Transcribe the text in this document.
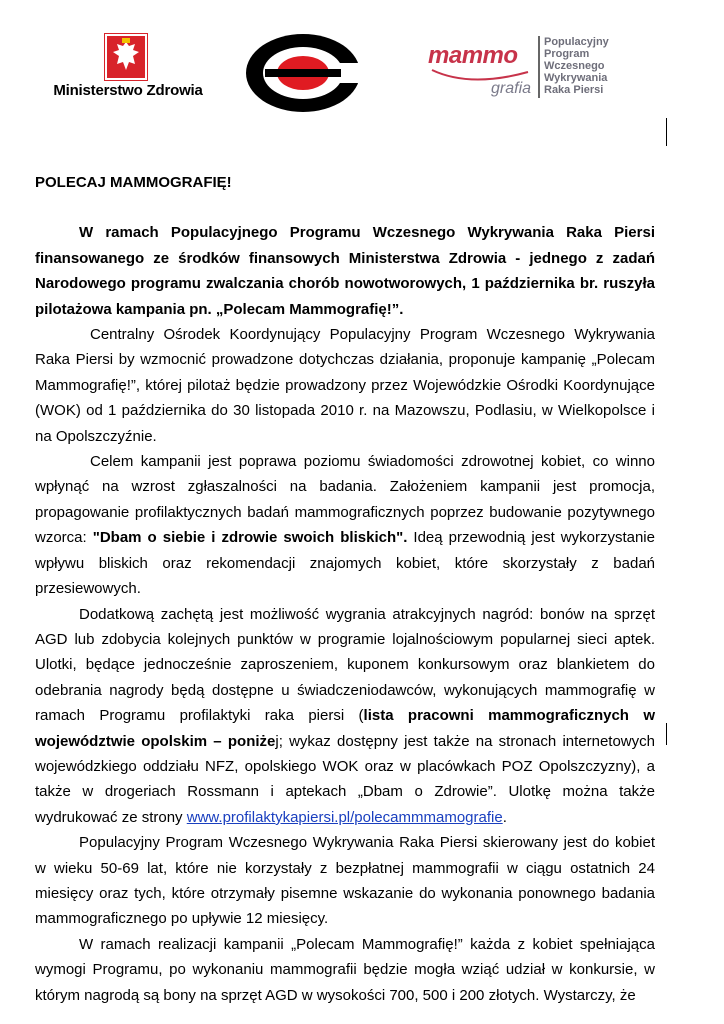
Ministerstwo Zdrowia
mammo
grafia
Populacyjny
Program
Wczesnego
Wykrywania
Raka Piersi

POLECAJ MAMMOGRAFIĘ!

W ramach Populacyjnego Programu Wczesnego Wykrywania Raka Piersi finansowanego ze środków finansowych Ministerstwa Zdrowia - jednego z zadań Narodowego programu zwalczania chorób nowotworowych, 1 października br. ruszyła pilotażowa kampania pn. „Polecam Mammografię!”.

Centralny Ośrodek Koordynujący Populacyjny Program Wczesnego Wykrywania Raka Piersi by wzmocnić prowadzone dotychczas działania, proponuje kampanię „Polecam Mammografię!”, której pilotaż będzie prowadzony przez Wojewódzkie Ośrodki Koordynujące (WOK) od 1 października do 30 listopada 2010 r. na Mazowszu, Podlasiu, w Wielkopolsce i na Opolszczyźnie.

Celem kampanii jest poprawa poziomu świadomości zdrowotnej kobiet, co winno wpłynąć na wzrost zgłaszalności na badania. Założeniem kampanii jest promocja, propagowanie profilaktycznych badań mammograficznych poprzez budowanie pozytywnego wzorca: "Dbam o siebie i zdrowie swoich bliskich". Ideą przewodnią jest wykorzystanie wpływu bliskich oraz rekomendacji znajomych kobiet, które skorzystały z badań przesiewowych.

Dodatkową zachętą jest możliwość wygrania atrakcyjnych nagród: bonów na sprzęt AGD lub zdobycia kolejnych punktów w programie lojalnościowym popularnej sieci aptek. Ulotki, będące jednocześnie zaproszeniem, kuponem konkursowym oraz blankietem do odebrania nagrody będą dostępne u świadczeniodawców, wykonujących mammografię w ramach Programu profilaktyki raka piersi (lista pracowni mammograficznych w województwie opolskim – poniżej; wykaz dostępny jest także na stronach internetowych wojewódzkiego oddziału NFZ, opolskiego WOK oraz w placówkach POZ Opolszczyzny), a także w drogeriach Rossmann i aptekach „Dbam o Zdrowie”. Ulotkę można także wydrukować ze strony www.profilaktykapiersi.pl/polecammmamografie.

Populacyjny Program Wczesnego Wykrywania Raka Piersi skierowany jest do kobiet w wieku 50-69 lat, które nie korzystały z bezpłatnej mammografii w ciągu ostatnich 24 miesięcy oraz tych, które otrzymały pisemne wskazanie do wykonania ponownego badania mammograficznego po upływie 12 miesięcy.

W ramach realizacji kampanii „Polecam Mammografię!” każda z kobiet spełniająca wymogi Programu, po wykonaniu mammografii będzie mogła wziąć udział w konkursie, w którym nagrodą są bony na sprzęt AGD w wysokości 700, 500 i 200 złotych. Wystarczy, że
